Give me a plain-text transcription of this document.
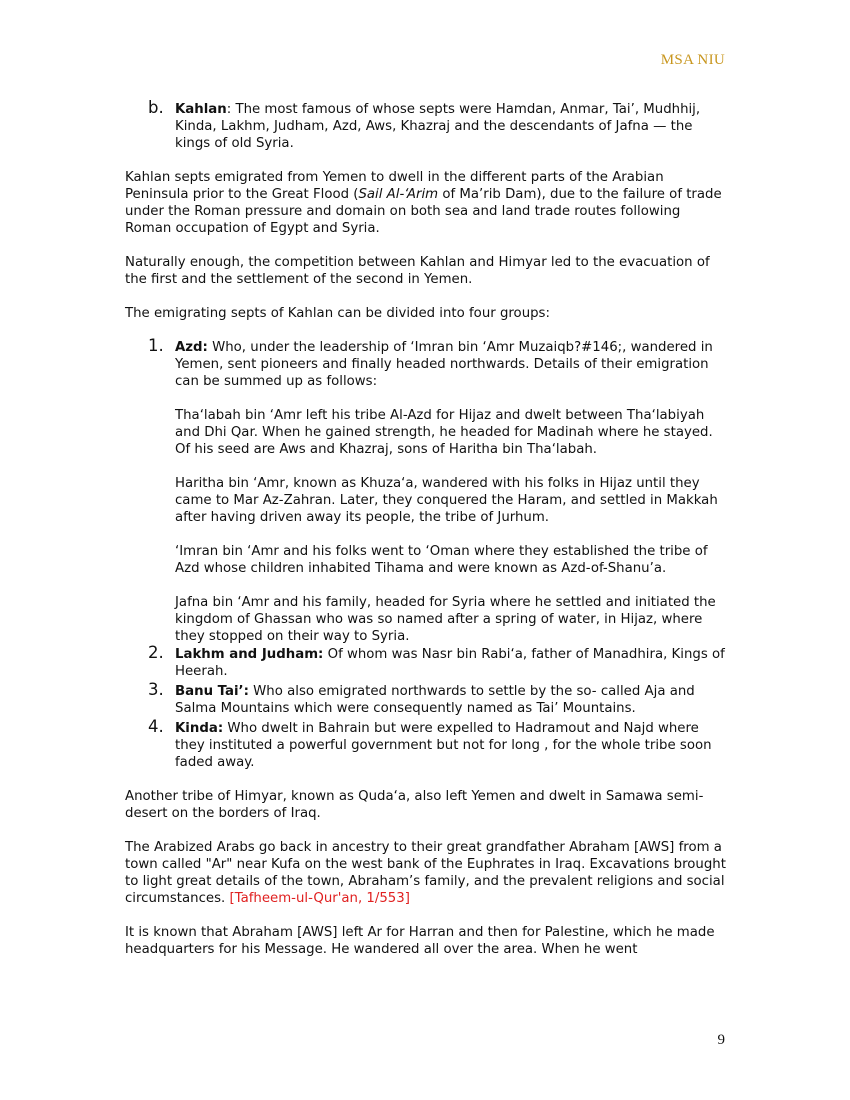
MSA NIU
b. Kahlan: The most famous of whose septs were Hamdan, Anmar, Tai’, Mudhhij, Kinda, Lakhm, Judham, Azd, Aws, Khazraj and the descendants of Jafna — the kings of old Syria.

Kahlan septs emigrated from Yemen to dwell in the different parts of the Arabian Peninsula prior to the Great Flood (Sail Al-‘Arim of Ma’rib Dam), due to the failure of trade under the Roman pressure and domain on both sea and land trade routes following Roman occupation of Egypt and Syria.

Naturally enough, the competition between Kahlan and Himyar led to the evacuation of the first and the settlement of the second in Yemen.

The emigrating septs of Kahlan can be divided into four groups:

1. Azd: Who, under the leadership of ‘Imran bin ‘Amr Muzaiqb?#146;, wandered in Yemen, sent pioneers and finally headed northwards. Details of their emigration can be summed up as follows:

Tha‘labah bin ‘Amr left his tribe Al-Azd for Hijaz and dwelt between Tha‘labiyah and Dhi Qar. When he gained strength, he headed for Madinah where he stayed. Of his seed are Aws and Khazraj, sons of Haritha bin Tha‘labah.

Haritha bin ‘Amr, known as Khuza‘a, wandered with his folks in Hijaz until they came to Mar Az-Zahran. Later, they conquered the Haram, and settled in Makkah after having driven away its people, the tribe of Jurhum.

‘Imran bin ‘Amr and his folks went to ‘Oman where they established the tribe of Azd whose children inhabited Tihama and were known as Azd-of-Shanu’a.

Jafna bin ‘Amr and his family, headed for Syria where he settled and initiated the kingdom of Ghassan who was so named after a spring of water, in Hijaz, where they stopped on their way to Syria.

2. Lakhm and Judham: Of whom was Nasr bin Rabi‘a, father of Manadhira, Kings of Heerah.
3. Banu Tai’: Who also emigrated northwards to settle by the so- called Aja and Salma Mountains which were consequently named as Tai’ Mountains.
4. Kinda: Who dwelt in Bahrain but were expelled to Hadramout and Najd where they instituted a powerful government but not for long , for the whole tribe soon faded away.

Another tribe of Himyar, known as Quda‘a, also left Yemen and dwelt in Samawa semi-desert on the borders of Iraq.

The Arabized Arabs go back in ancestry to their great grandfather Abraham [AWS] from a town called "Ar" near Kufa on the west bank of the Euphrates in Iraq. Excavations brought to light great details of the town, Abraham’s family, and the prevalent religions and social circumstances. [Tafheem-ul-Qur'an, 1/553]

It is known that Abraham [AWS] left Ar for Harran and then for Palestine, which he made headquarters for his Message. He wandered all over the area. When he went

9
